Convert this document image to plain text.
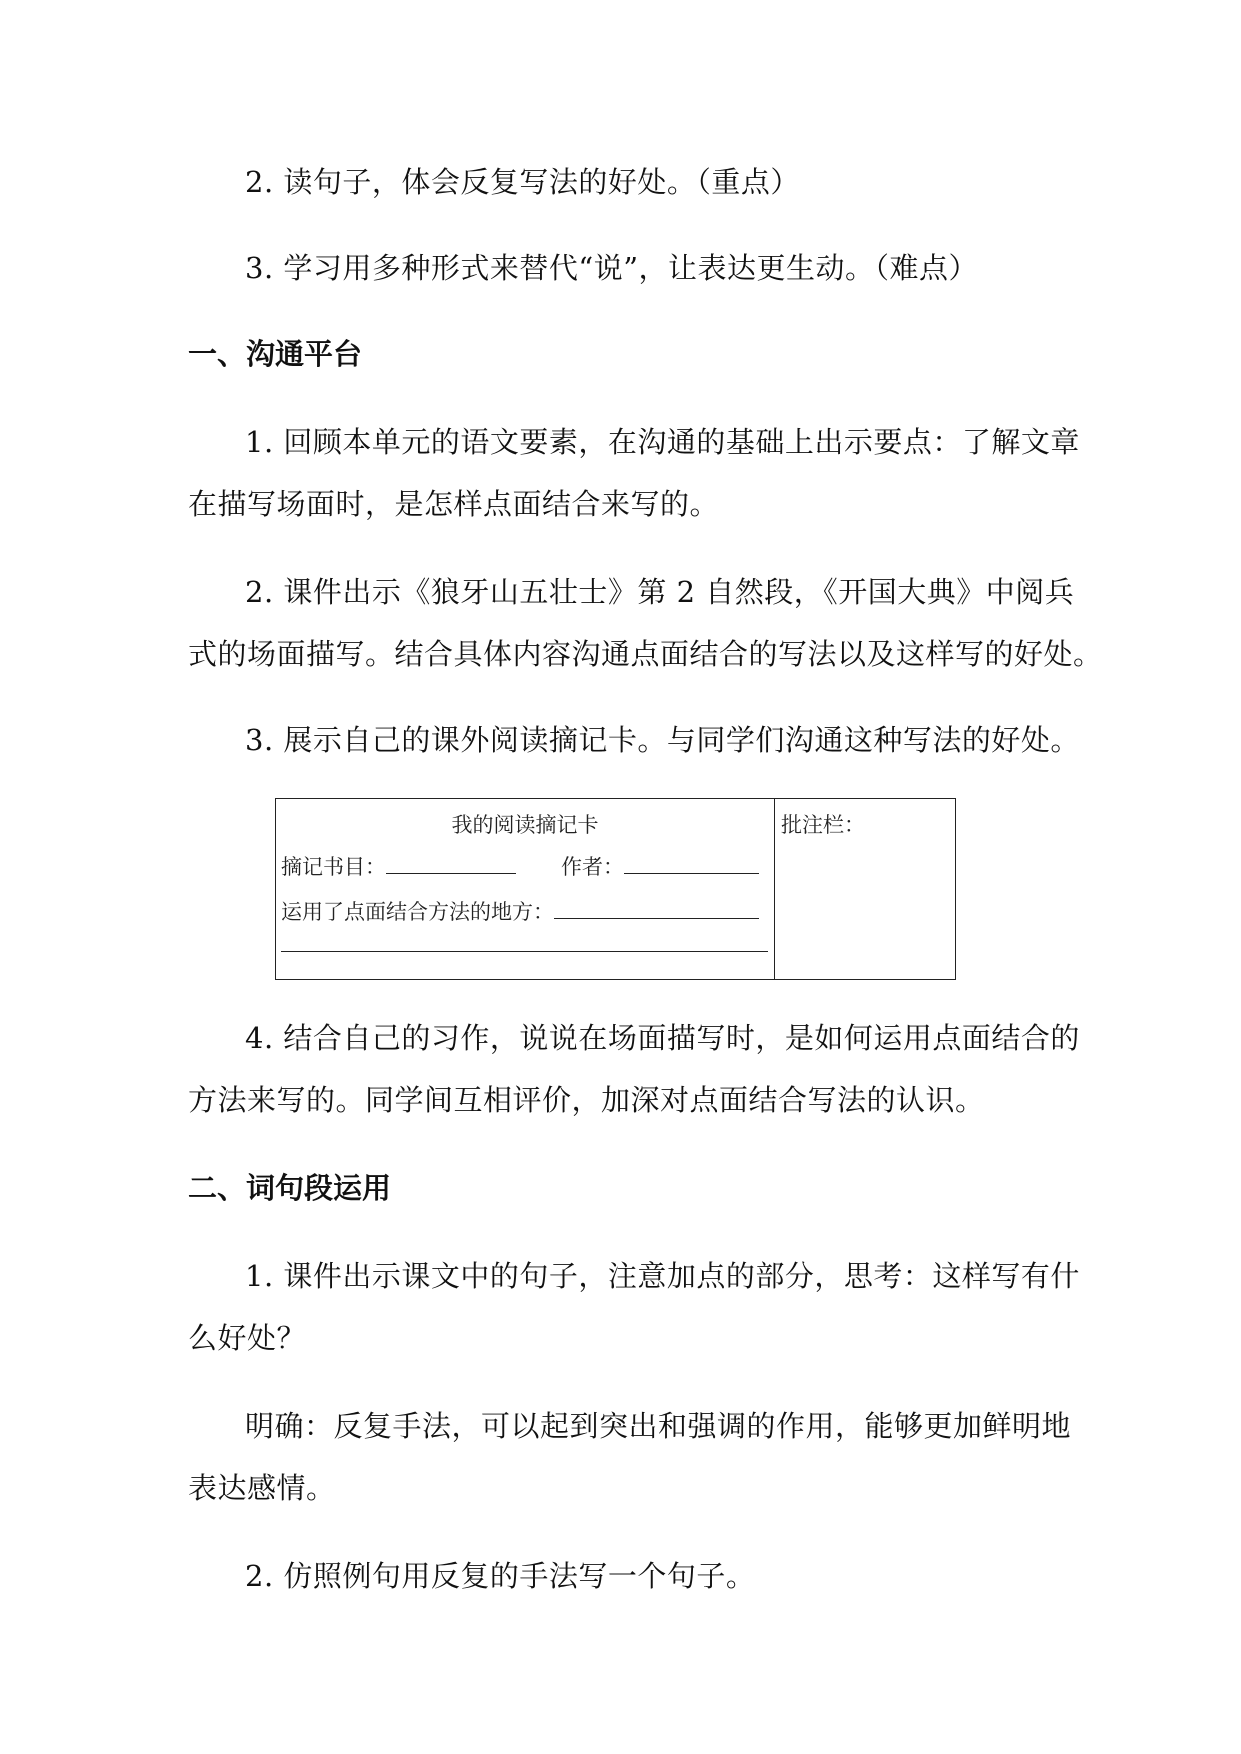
2. 读句子，体会反复写法的好处。（重点）

3. 学习用多种形式来替代“说”，让表达更生动。（难点）

一、沟通平台

1. 回顾本单元的语文要素，在沟通的基础上出示要点：了解文章

在描写场面时，是怎样点面结合来写的。

2. 课件出示《狼牙山五壮士》第 2 自然段，《开国大典》中阅兵

式的场面描写。结合具体内容沟通点面结合的写法以及这样写的好处。

3. 展示自己的课外阅读摘记卡。与同学们沟通这种写法的好处。

我的阅读摘记卡
摘记书目：	作者：
运用了点面结合方法的地方：
批注栏：

4. 结合自己的习作，说说在场面描写时，是如何运用点面结合的

方法来写的。同学间互相评价，加深对点面结合写法的认识。

二、词句段运用

1. 课件出示课文中的句子，注意加点的部分，思考：这样写有什

么好处？

明确：反复手法，可以起到突出和强调的作用，能够更加鲜明地

表达感情。

2. 仿照例句用反复的手法写一个句子。
